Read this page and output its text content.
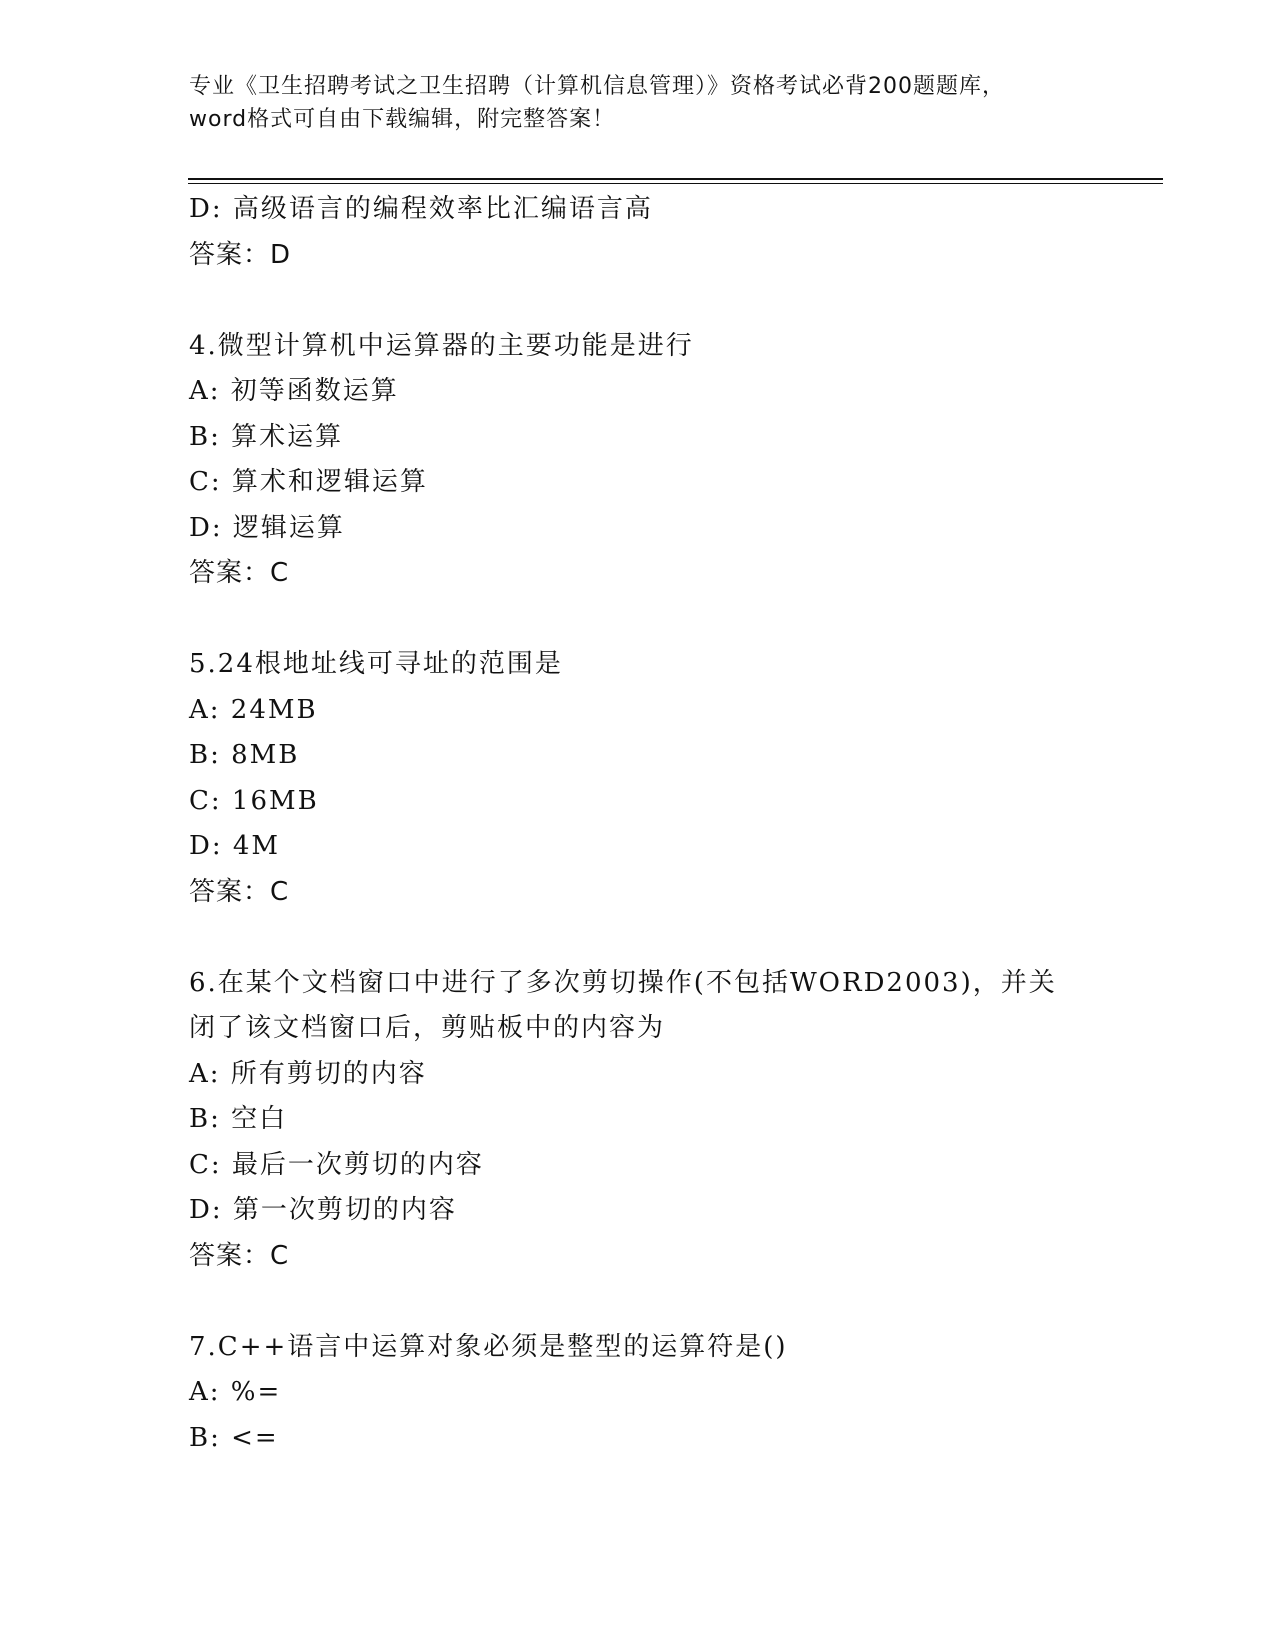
专业《卫生招聘考试之卫生招聘（计算机信息管理）》资格考试必背200题题库，

word格式可自由下载编辑，附完整答案！

D: 高级语言的编程效率比汇编语言高
答案：D
4.微型计算机中运算器的主要功能是进行
A: 初等函数运算
B: 算术运算
C: 算术和逻辑运算
D: 逻辑运算
答案：C
5.24根地址线可寻址的范围是
A: 24MB
B: 8MB
C: 16MB
D: 4M
答案：C
6.在某个文档窗口中进行了多次剪切操作(不包括WORD2003)，并关闭了该文档窗口后，剪贴板中的内容为
A: 所有剪切的内容
B: 空白
C: 最后一次剪切的内容
D: 第一次剪切的内容
答案：C
7.C++语言中运算对象必须是整型的运算符是()
A: %=
B: <=
